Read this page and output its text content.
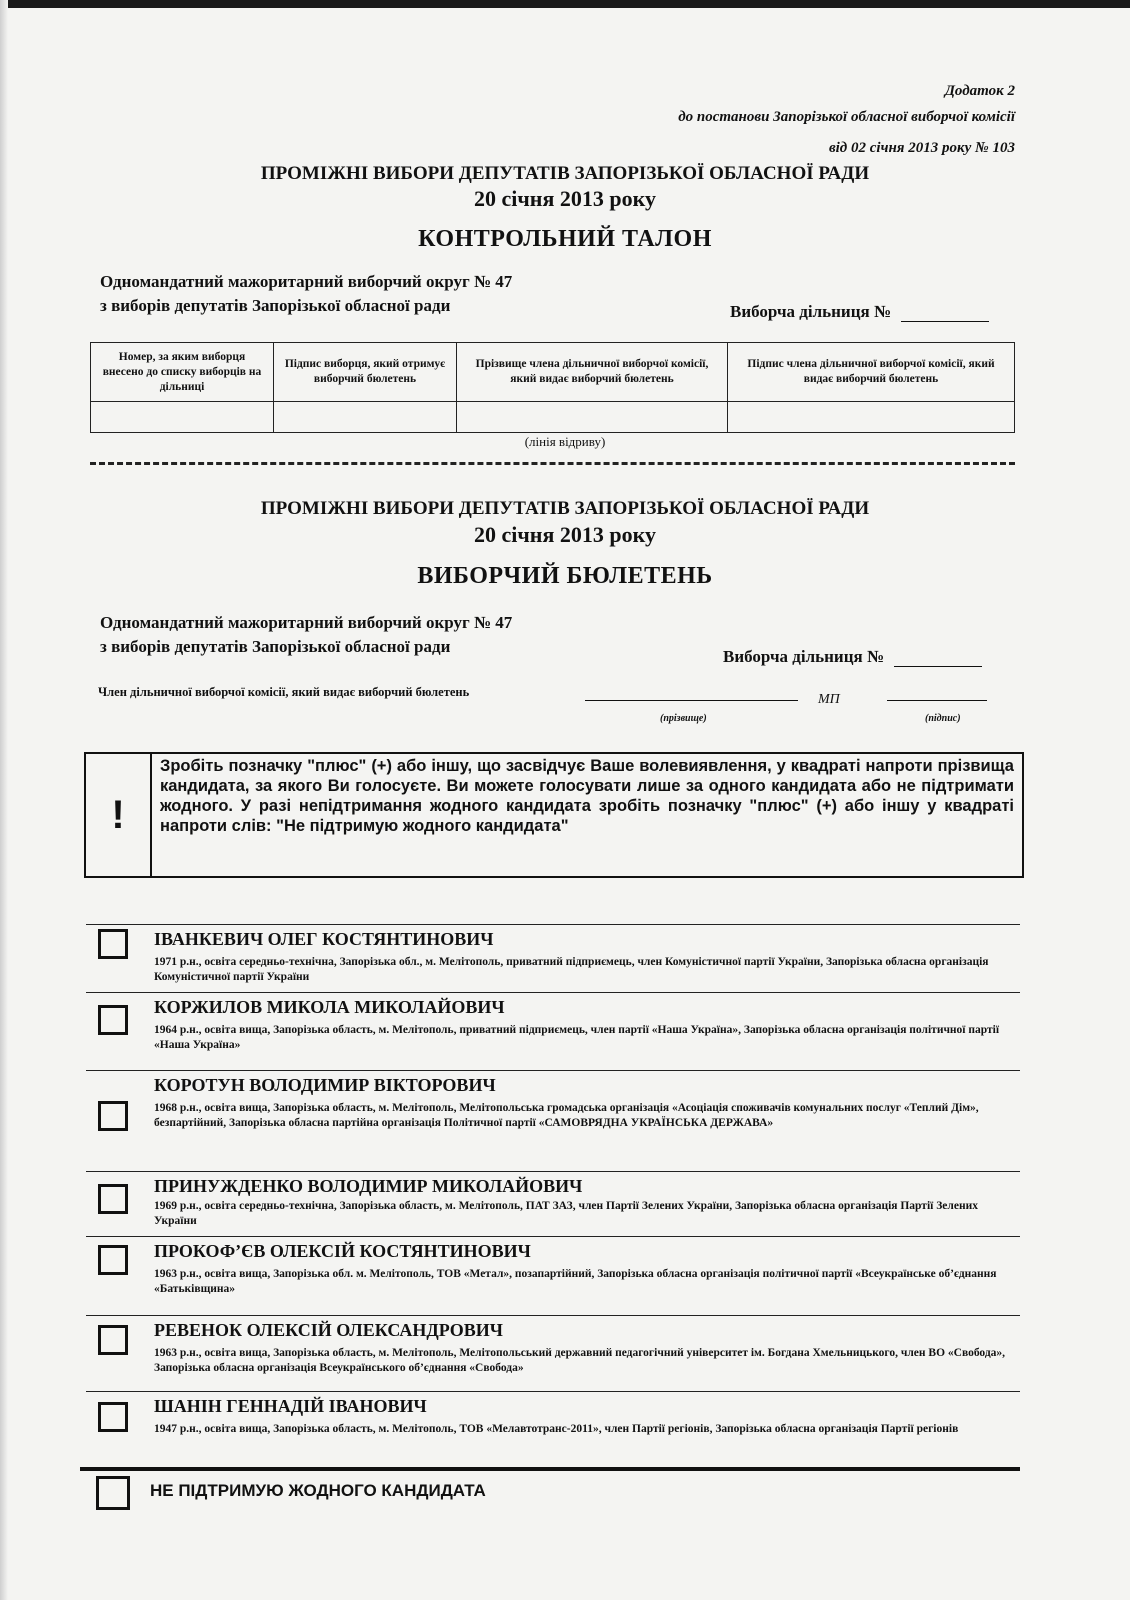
Додаток 2
до постанови Запорізької обласної виборчої комісії
від 02 січня 2013 року № 103
ПРОМІЖНІ ВИБОРИ ДЕПУТАТІВ ЗАПОРІЗЬКОЇ ОБЛАСНОЇ РАДИ
20 січня 2013 року
КОНТРОЛЬНИЙ ТАЛОН
Одномандатний мажоритарний виборчий округ № 47
з виборів депутатів Запорізької обласної ради	Виборча дільниця №
Номер, за яким виборця внесено до списку виборців на дільниці	Підпис виборця, який отримує виборчий бюлетень	Прізвище члена дільничної виборчої комісії, який видає виборчий бюлетень	Підпис члена дільничної виборчої комісії, який видає виборчий бюлетень

(лінія відриву)
ПРОМІЖНІ ВИБОРИ ДЕПУТАТІВ ЗАПОРІЗЬКОЇ ОБЛАСНОЇ РАДИ
20 січня 2013 року
ВИБОРЧИЙ БЮЛЕТЕНЬ
Одномандатний мажоритарний виборчий округ № 47
з виборів депутатів Запорізької обласної ради
Виборча дільниця №
Член дільничної виборчої комісії, який видає виборчий бюлетень
(прізвище)
МП
(підпис)
!
Зробіть позначку "плюс" (+) або іншу, що засвідчує Ваше волевиявлення, у квадраті напроти прізвища кандидата, за якого Ви голосуєте. Ви можете голосувати лише за одного кандидата або не підтримати жодного. У разі непідтримання жодного кандидата зробіть позначку "плюс" (+) або іншу у квадраті напроти слів: "Не підтримую жодного кандидата"
ІВАНКЕВИЧ ОЛЕГ КОСТЯНТИНОВИЧ
1971 р.н., освіта середньо-технічна, Запорізька обл., м. Мелітополь, приватний підприємець, член Комуністичної партії України, Запорізька обласна організація Комуністичної партії України
КОРЖИЛОВ МИКОЛА МИКОЛАЙОВИЧ
1964 р.н., освіта вища, Запорізька область, м. Мелітополь, приватний підприємець, член партії «Наша Україна», Запорізька обласна організація політичної партії «Наша Україна»
КОРОТУН ВОЛОДИМИР ВІКТОРОВИЧ
1968 р.н., освіта вища, Запорізька область, м. Мелітополь, Мелітопольська громадська організація «Асоціація споживачів комунальних послуг «Теплий Дім», безпартійний, Запорізька обласна партійна організація Політичної партії «САМОВРЯДНА УКРАЇНСЬКА ДЕРЖАВА»
ПРИНУЖДЕНКО ВОЛОДИМИР МИКОЛАЙОВИЧ
1969 р.н., освіта середньо-технічна, Запорізька область, м. Мелітополь, ПАТ ЗАЗ, член Партії Зелених України, Запорізька обласна організація Партії Зелених України
ПРОКОФ’ЄВ ОЛЕКСІЙ КОСТЯНТИНОВИЧ
1963 р.н., освіта вища, Запорізька обл. м. Мелітополь, ТОВ «Метал», позапартійний, Запорізька обласна організація політичної партії «Всеукраїнське об’єднання «Батьківщина»
РЕВЕНОК ОЛЕКСІЙ ОЛЕКСАНДРОВИЧ
1963 р.н., освіта вища, Запорізька область, м. Мелітополь, Мелітопольський державний педагогічний університет ім. Богдана Хмельницького, член ВО «Свобода», Запорізька обласна організація Всеукраїнського об’єднання «Свобода»
ШАНІН ГЕННАДІЙ ІВАНОВИЧ
1947 р.н., освіта вища, Запорізька область, м. Мелітополь, ТОВ «Мелавтотранс-2011», член Партії регіонів, Запорізька обласна організація Партії регіонів
НЕ ПІДТРИМУЮ ЖОДНОГО КАНДИДАТА
